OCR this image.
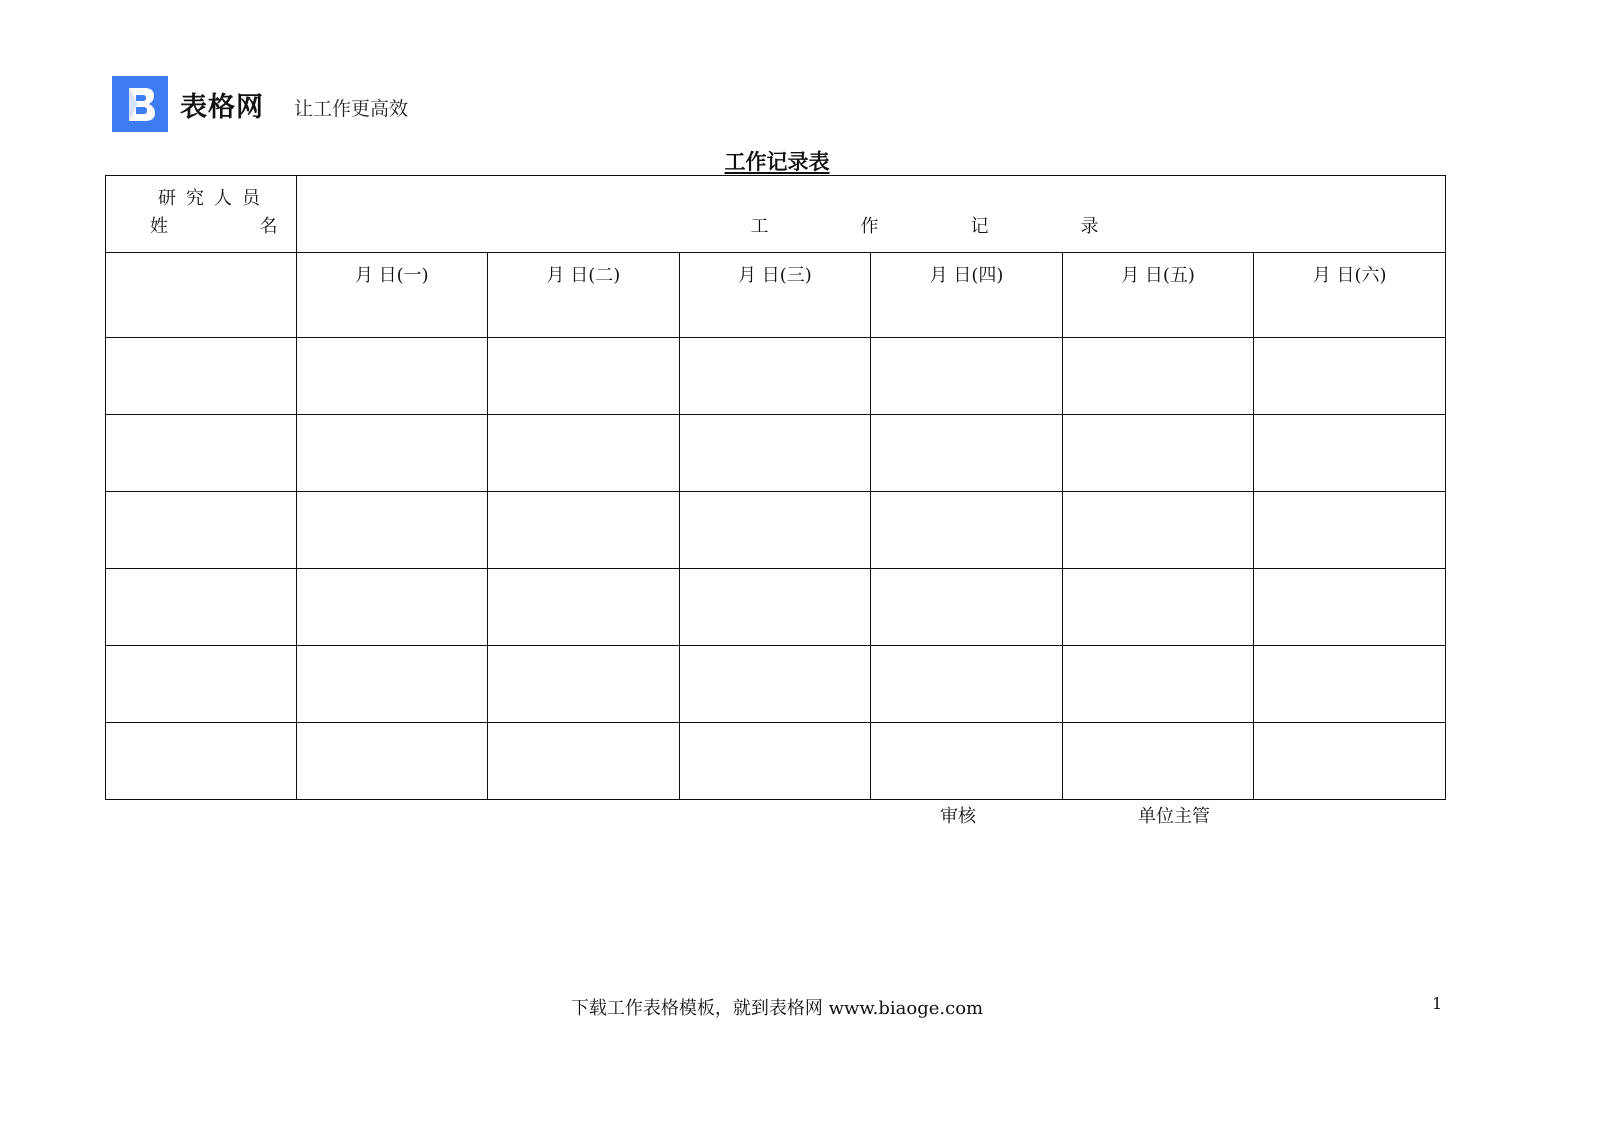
表格网 让工作更高效
工作记录表
研究人员
姓 名	工 作 记 录					

	月 日(一)	月 日(二)	月 日(三)	月 日(四)	月 日(五)	月 日(六)

审核	单位主管
下载工作表格模板，就到表格网 www.biaoge.com	1
